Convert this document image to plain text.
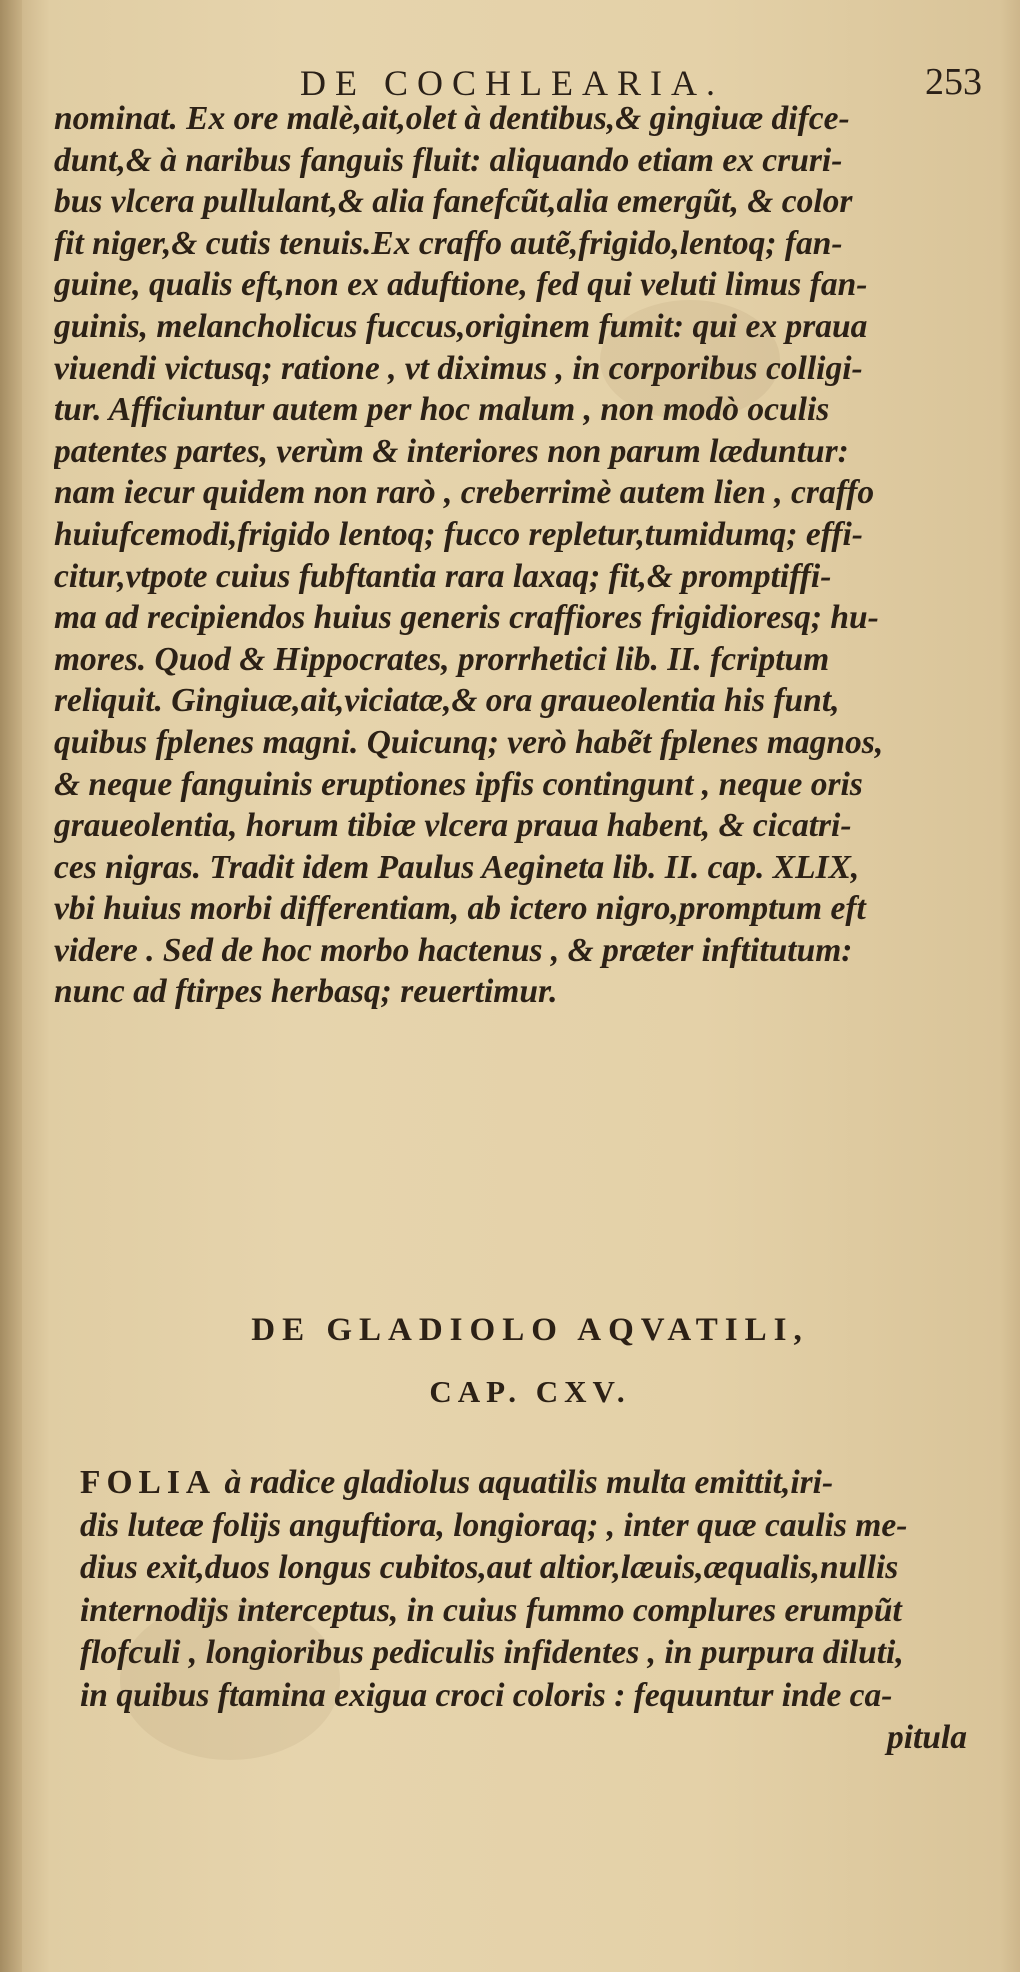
DE COCHLEARIA.	253
nominat. Ex ore malè,ait,olet à dentibus,& gingiuæ difce-
dunt,& à naribus fanguis fluit: aliquando etiam ex cruri-
bus vlcera pullulant,& alia fanefcũt,alia emergũt, & color
fit niger,& cutis tenuis.Ex craffo autẽ,frigido,lentoq; fan-
guine, qualis eft,non ex aduftione, fed qui veluti limus fan-
guinis, melancholicus fuccus,originem fumit: qui ex praua
viuendi victusq; ratione , vt diximus , in corporibus colligi-
tur. Afficiuntur autem per hoc malum , non modò oculis
patentes partes, verùm & interiores non parum læduntur:
nam iecur quidem non rarò , creberrimè autem lien , craffo
huiufcemodi,frigido lentoq; fucco repletur,tumidumq; effi-
citur,vtpote cuius fubftantia rara laxaq; fit,& promptiffi-
ma ad recipiendos huius generis craffiores frigidioresq; hu-
mores. Quod & Hippocrates, prorrhetici lib. II. fcriptum
reliquit. Gingiuæ,ait,viciatæ,& ora graueolentia his funt,
quibus fplenes magni. Quicunq; verò habẽt fplenes magnos,
& neque fanguinis eruptiones ipfis contingunt , neque oris
graueolentia, horum tibiæ vlcera praua habent, & cicatri-
ces nigras. Tradit idem Paulus Aegineta lib. II. cap. XLIX,
vbi huius morbi differentiam, ab ictero nigro,promptum eft
videre . Sed de hoc morbo hactenus , & præter inftitutum:
nunc ad ftirpes herbasq; reuertimur.
DE GLADIOLO AQVATILI,
CAP. CXV.
FOLIA à radice gladiolus aquatilis multa emittit,iri-
dis luteæ folijs anguftiora, longioraq; , inter quæ caulis me-
dius exit,duos longus cubitos,aut altior,læuis,æqualis,nullis
internodijs interceptus, in cuius fummo complures erumpũt
flofculi , longioribus pediculis infidentes , in purpura diluti,
in quibus ftamina exigua croci coloris : fequuntur inde ca-
pitula
